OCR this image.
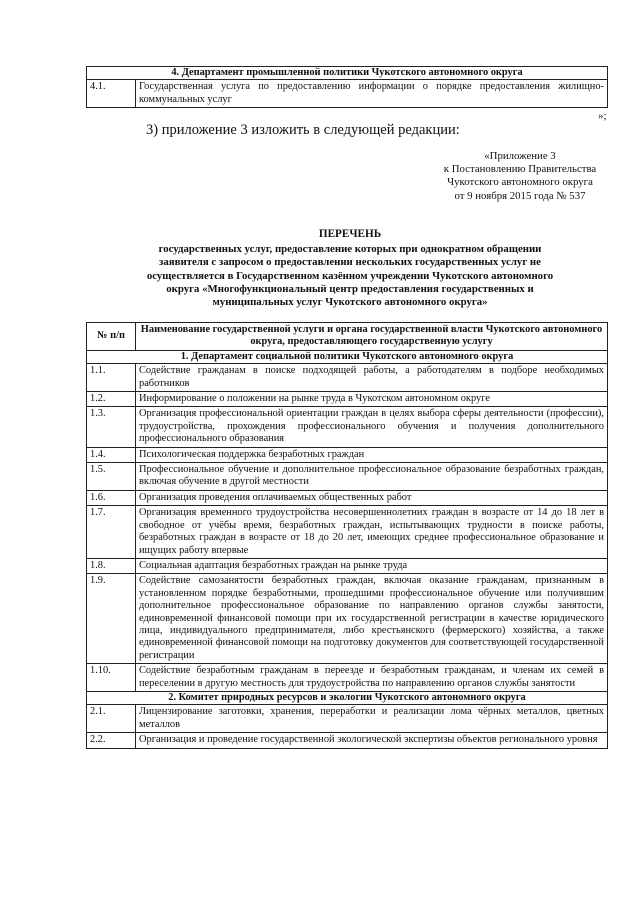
4. Департамент промышленной политики Чукотского автономного округа
4.1.	Государственная услуга по предоставлению информации о порядке предоставления жилищно-коммунальных услуг
»;
3) приложение 3 изложить в следующей редакции:
«Приложение 3
к Постановлению Правительства
Чукотского автономного округа
от 9 ноября 2015 года № 537
ПЕРЕЧЕНЬ
государственных услуг, предоставление которых при однократном обращении
заявителя с запросом о предоставлении нескольких государственных услуг не
осуществляется в Государственном казённом учреждении Чукотского автономного
округа «Многофункциональный центр предоставления государственных и
муниципальных услуг Чукотского автономного округа»
№ п/п	Наименование государственной услуги и органа государственной власти Чукотского автономного округа, предоставляющего государственную услугу
1. Департамент социальной политики Чукотского автономного округа	
1.1.	Содействие гражданам в поиске подходящей работы, а работодателям в подборе необходимых работников
1.2.	Информирование о положении на рынке труда в Чукотском автономном округе
1.3.	Организация профессиональной ориентации граждан в целях выбора сферы деятельности (профессии), трудоустройства, прохождения профессионального обучения и получения дополнительного профессионального образования
1.4.	Психологическая поддержка безработных граждан
1.5.	Профессиональное обучение и дополнительное профессиональное образование безработных граждан, включая обучение в другой местности
1.6.	Организация проведения оплачиваемых общественных работ
1.7.	Организация временного трудоустройства несовершеннолетних граждан в возрасте от 14 до 18 лет в свободное от учёбы время, безработных граждан, испытывающих трудности в поиске работы, безработных граждан в возрасте от 18 до 20 лет, имеющих среднее профессиональное образование и ищущих работу впервые
1.8.	Социальная адаптация безработных граждан на рынке труда
1.9.	Содействие самозанятости безработных граждан, включая оказание гражданам, признанным в установленном порядке безработными, прошедшими профессиональное обучение или получившим дополнительное профессиональное образование по направлению органов службы занятости, единовременной финансовой помощи при их государственной регистрации в качестве юридического лица, индивидуального предпринимателя, либо крестьянского (фермерского) хозяйства, а также единовременной финансовой помощи на подготовку документов для соответствующей государственной регистрации
1.10.	Содействие безработным гражданам в переезде и безработным гражданам, и членам их семей в переселении в другую местность для трудоустройства по направлению органов службы занятости
2. Комитет природных ресурсов и экологии Чукотского автономного округа	
2.1.	Лицензирование заготовки, хранения, переработки и реализации лома чёрных металлов, цветных металлов
2.2.	Организация и проведение государственной экологической экспертизы объектов регионального уровня
